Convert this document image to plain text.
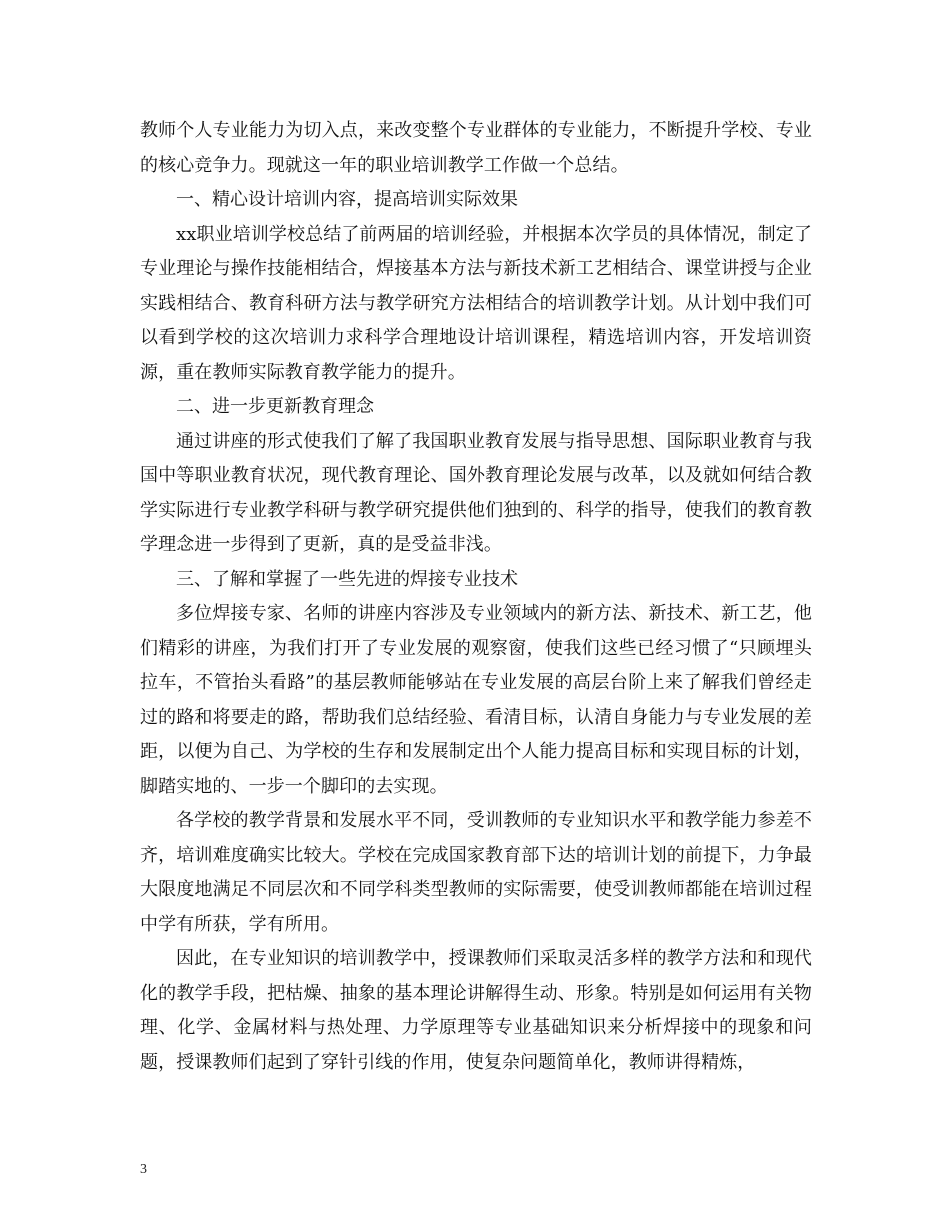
教师个人专业能力为切入点，来改变整个专业群体的专业能力，不断提升学校、专业的核心竞争力。现就这一年的职业培训教学工作做一个总结。

一、精心设计培训内容，提高培训实际效果

xx职业培训学校总结了前两届的培训经验，并根据本次学员的具体情况，制定了专业理论与操作技能相结合，焊接基本方法与新技术新工艺相结合、课堂讲授与企业实践相结合、教育科研方法与教学研究方法相结合的培训教学计划。从计划中我们可以看到学校的这次培训力求科学合理地设计培训课程，精选培训内容，开发培训资源，重在教师实际教育教学能力的提升。

二、进一步更新教育理念

通过讲座的形式使我们了解了我国职业教育发展与指导思想、国际职业教育与我国中等职业教育状况，现代教育理论、国外教育理论发展与改革，以及就如何结合教学实际进行专业教学科研与教学研究提供他们独到的、科学的指导，使我们的教育教学理念进一步得到了更新，真的是受益非浅。

三、了解和掌握了一些先进的焊接专业技术

多位焊接专家、名师的讲座内容涉及专业领域内的新方法、新技术、新工艺，他们精彩的讲座，为我们打开了专业发展的观察窗，使我们这些已经习惯了“只顾埋头拉车，不管抬头看路”的基层教师能够站在专业发展的高层台阶上来了解我们曾经走过的路和将要走的路，帮助我们总结经验、看清目标，认清自身能力与专业发展的差距，以便为自己、为学校的生存和发展制定出个人能力提高目标和实现目标的计划，脚踏实地的、一步一个脚印的去实现。

各学校的教学背景和发展水平不同，受训教师的专业知识水平和教学能力参差不齐，培训难度确实比较大。学校在完成国家教育部下达的培训计划的前提下，力争最大限度地满足不同层次和不同学科类型教师的实际需要，使受训教师都能在培训过程中学有所获，学有所用。

因此，在专业知识的培训教学中，授课教师们采取灵活多样的教学方法和和现代化的教学手段，把枯燥、抽象的基本理论讲解得生动、形象。特别是如何运用有关物理、化学、金属材料与热处理、力学原理等专业基础知识来分析焊接中的现象和问题，授课教师们起到了穿针引线的作用，使复杂问题简单化，教师讲得精炼，

3
